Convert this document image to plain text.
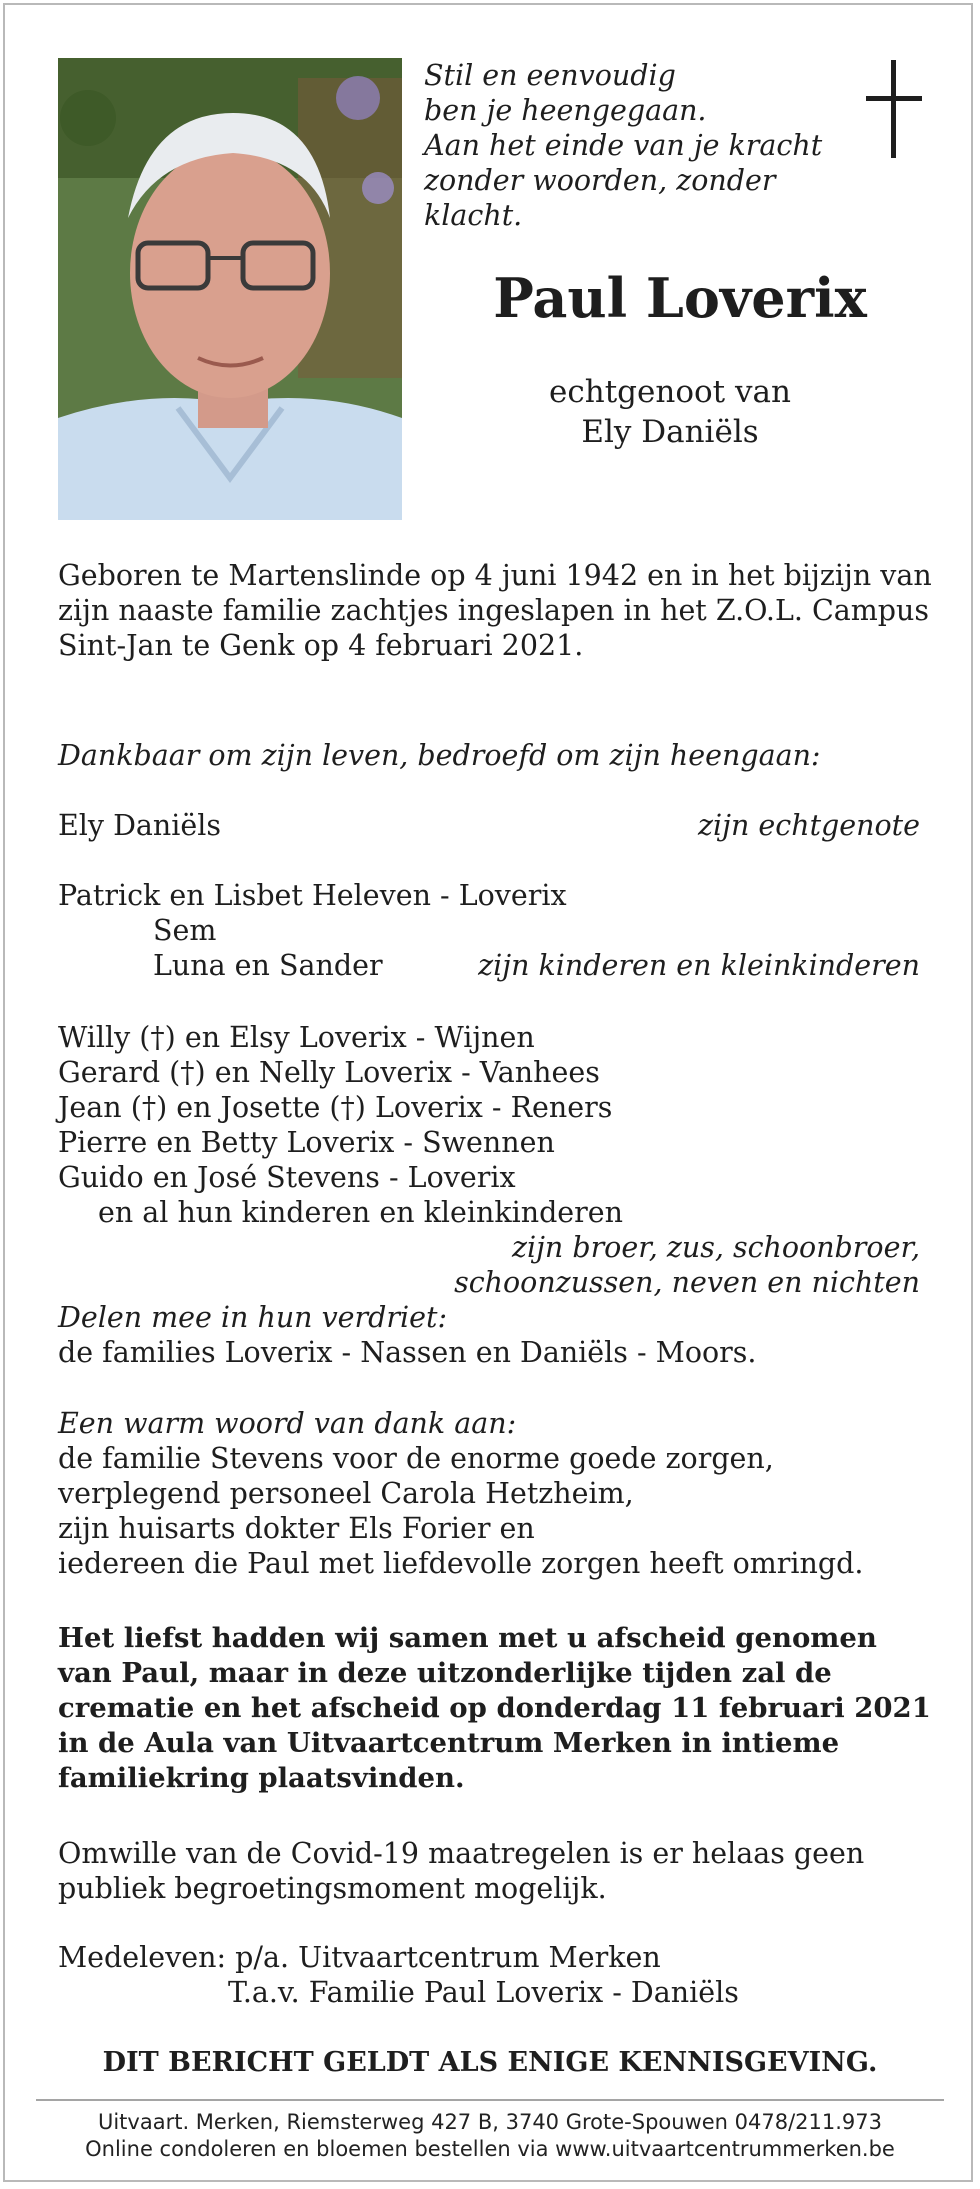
Stil en eenvoudig
ben je heengegaan.
Aan het einde van je kracht
zonder woorden, zonder klacht.
Paul Loverix
echtgenoot van
Ely Daniëls
Geboren te Martenslinde op 4 juni 1942 en in het bijzijn van
zijn naaste familie zachtjes ingeslapen in het Z.O.L. Campus
Sint-Jan te Genk op 4 februari 2021.
Dankbaar om zijn leven, bedroefd om zijn heengaan:
Ely Daniëls	zijn echtgenote
Patrick en Lisbet Heleven - Loverix
Sem
Luna en Sander	zijn kinderen en kleinkinderen
Willy (†) en Elsy Loverix - Wijnen
Gerard (†) en Nelly Loverix - Vanhees
Jean (†) en Josette (†) Loverix - Reners
Pierre en Betty Loverix - Swennen
Guido en José Stevens - Loverix
en al hun kinderen en kleinkinderen
zijn broer, zus, schoonbroer,
schoonzussen, neven en nichten
Delen mee in hun verdriet:
de families Loverix - Nassen en Daniëls - Moors.
Een warm woord van dank aan:
de familie Stevens voor de enorme goede zorgen,
verplegend personeel Carola Hetzheim,
zijn huisarts dokter Els Forier en
iedereen die Paul met liefdevolle zorgen heeft omringd.
Het liefst hadden wij samen met u afscheid genomen
van Paul, maar in deze uitzonderlijke tijden zal de
crematie en het afscheid op donderdag 11 februari 2021
in de Aula van Uitvaartcentrum Merken in intieme
familiekring plaatsvinden.
Omwille van de Covid-19 maatregelen is er helaas geen
publiek begroetingsmoment mogelijk.
Medeleven: p/a. Uitvaartcentrum Merken
T.a.v. Familie Paul Loverix - Daniëls
DIT BERICHT GELDT ALS ENIGE KENNISGEVING.
Uitvaart. Merken, Riemsterweg 427 B, 3740 Grote-Spouwen 0478/211.973
Online condoleren en bloemen bestellen via www.uitvaartcentrummerken.be
